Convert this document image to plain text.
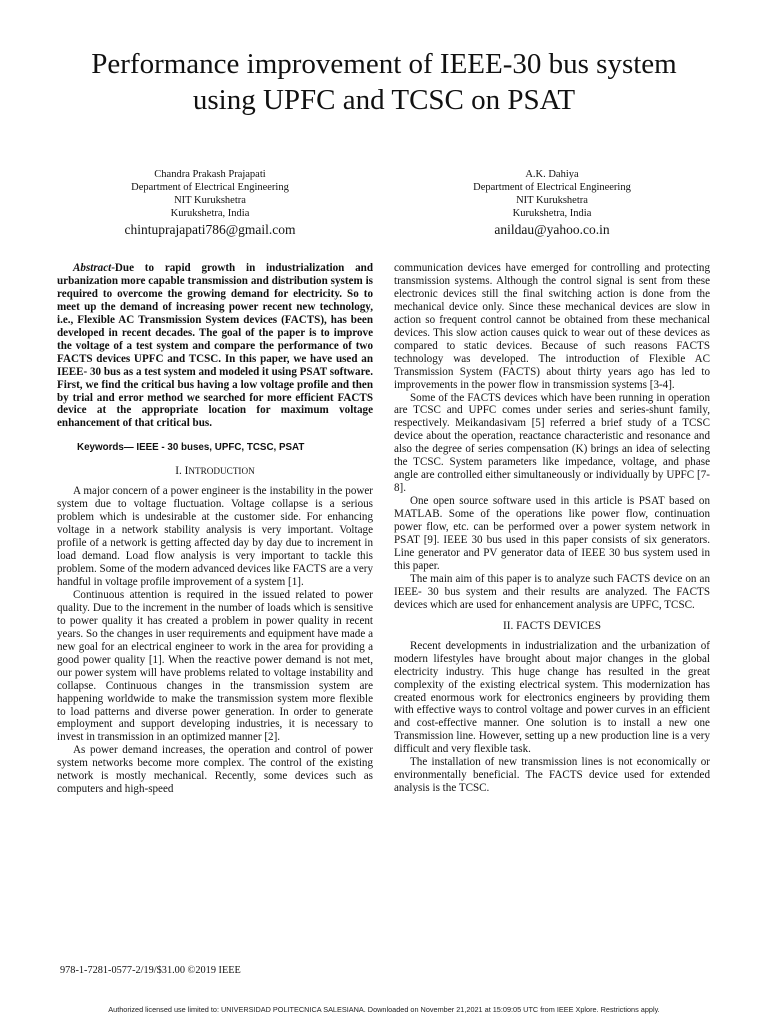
Performance improvement of IEEE-30 bus system
using UPFC and TCSC on PSAT
Chandra Prakash Prajapati
Department of Electrical Engineering
NIT Kurukshetra
Kurukshetra, India
chintuprajapati786@gmail.com
A.K. Dahiya
Department of Electrical Engineering
NIT Kurukshetra
Kurukshetra, India
anildau@yahoo.co.in

Abstract-Due to rapid growth in industrialization and urbanization more capable transmission and distribution system is required to overcome the growing demand for electricity. So to meet up the demand of increasing power recent new technology, i.e., Flexible AC Transmission System devices (FACTS), has been developed in recent decades. The goal of the paper is to improve the voltage of a test system and compare the performance of two FACTS devices UPFC and TCSC. In this paper, we have used an IEEE- 30 bus as a test system and modeled it using PSAT software. First, we find the critical bus having a low voltage profile and then by trial and error method we searched for more efficient FACTS device at the appropriate location for maximum voltage enhancement of that critical bus.

Keywords— IEEE - 30 buses, UPFC, TCSC, PSAT

I. INTRODUCTION

A major concern of a power engineer is the instability in the power system due to voltage fluctuation. Voltage collapse is a serious problem which is undesirable at the customer side. For enhancing voltage in a network stability analysis is very important. Voltage profile of a network is getting affected day by day due to increment in load demand. Load flow analysis is very important to tackle this problem. Some of the modern advanced devices like FACTS are a very handful in voltage profile improvement of a system [1].

Continuous attention is required in the issued related to power quality. Due to the increment in the number of loads which is sensitive to power quality it has created a problem in power quality in recent years. So the changes in user requirements and equipment have made a new goal for an electrical engineer to work in the area for providing a good power quality [1]. When the reactive power demand is not met, our power system will have problems related to voltage instability and collapse. Continuous changes in the transmission system are happening worldwide to make the transmission system more flexible to load patterns and diverse power generation. In order to generate employment and support developing industries, it is necessary to invest in transmission in an optimized manner [2].

As power demand increases, the operation and control of power system networks become more complex. The control of the existing network is mostly mechanical. Recently, some devices such as computers and high-speed

communication devices have emerged for controlling and protecting transmission systems. Although the control signal is sent from these electronic devices still the final switching action is done from the mechanical device only. Since these mechanical devices are slow in action so frequent control cannot be obtained from these mechanical devices. This slow action causes quick to wear out of these devices as compared to static devices. Because of such reasons FACTS technology was developed. The introduction of Flexible AC Transmission System (FACTS) about thirty years ago has led to improvements in the power flow in transmission systems [3-4].

Some of the FACTS devices which have been running in operation are TCSC and UPFC comes under series and series-shunt family, respectively. Meikandasivam [5] referred a brief study of a TCSC device about the operation, reactance characteristic and resonance and also the degree of series compensation (K) brings an idea of selecting the TCSC. System parameters like impedance, voltage, and phase angle are controlled either simultaneously or individually by UPFC [7-8].

One open source software used in this article is PSAT based on MATLAB. Some of the operations like power flow, continuation power flow, etc. can be performed over a power system network in PSAT [9]. IEEE 30 bus used in this paper consists of six generators. Line generator and PV generator data of IEEE 30 bus system used in this paper.

The main aim of this paper is to analyze such FACTS device on an IEEE- 30 bus system and their results are analyzed. The FACTS devices which are used for enhancement analysis are UPFC, TCSC.

II. FACTS DEVICES

Recent developments in industrialization and the urbanization of modern lifestyles have brought about major changes in the global electricity industry. This huge change has resulted in the great complexity of the existing electrical system. This modernization has created enormous work for electronics engineers by providing them with effective ways to control voltage and power curves in an efficient and cost-effective manner. One solution is to install a new one Transmission line. However, setting up a new production line is a very difficult and very flexible task.

The installation of new transmission lines is not economically or environmentally beneficial. The FACTS device used for extended analysis is the TCSC.

978-1-7281-0577-2/19/$31.00 ©2019 IEEE
Authorized licensed use limited to: UNIVERSIDAD POLITECNICA SALESIANA. Downloaded on November 21,2021 at 15:09:05 UTC from IEEE Xplore. Restrictions apply.
